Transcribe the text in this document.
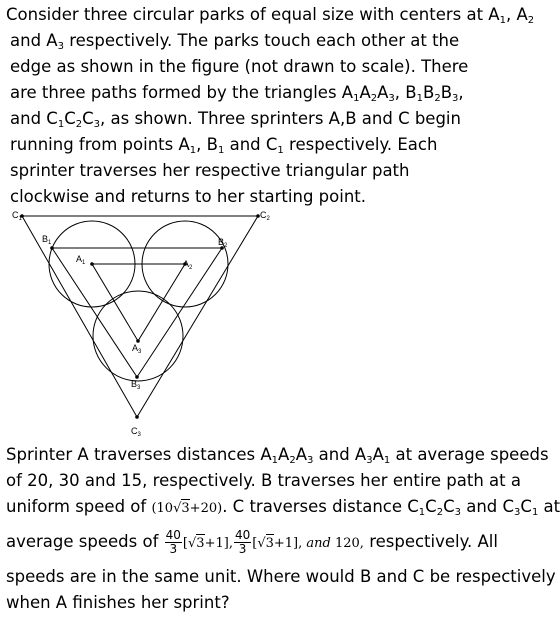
Consider three circular parks of equal size with centers at $A_1$, $A_2$
and $A_3$ respectively. The parks touch each other at the
edge as shown in the figure (not drawn to scale). There
are three paths formed by the triangles $A_1A_2A_3$, $B_1B_2B_3$,
and $C_1C_2C_3$, as shown. Three sprinters A,B and C begin
running from points $A_1$, $B_1$ and $C_1$ respectively. Each
sprinter traverses her respective triangular path
clockwise and returns to her starting point.
$C_1$	$C_2$
$B_1$	$B_2$
$A_1$	$A_2$
$A_3$
$B_3$
$C_3$
Sprinter A traverses distances $A_1A_2A_3$ and $A_3A_1$ at average speeds
of 20, 30 and 15, respectively. B traverses her entire path at a
uniform speed of (10√3+20). C traverses distance $C_1C_2C_3$ and $C_3C_1$ at
average speeds of $\frac{40}{3} [√3+1]$, $\frac{40}{3} [√3+1]$, and 120, respectively. All
speeds are in the same unit. Where would B and C be respectively
when A finishes her sprint?
